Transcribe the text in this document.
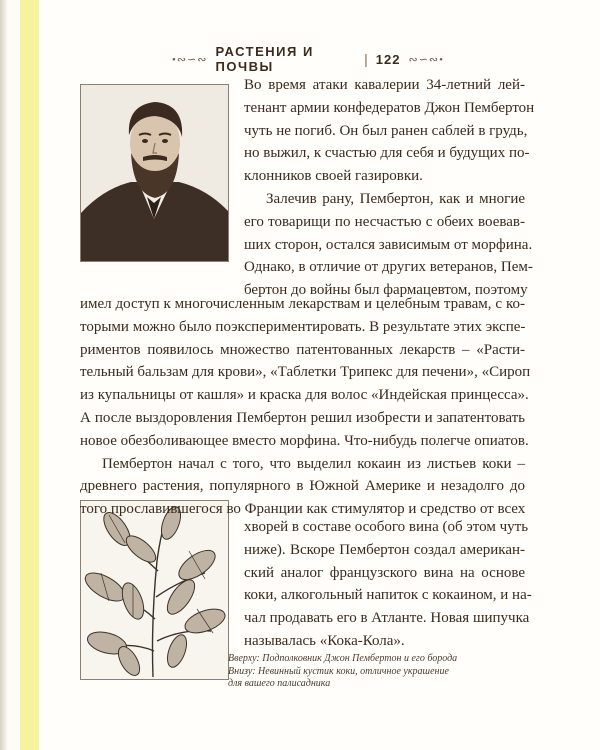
•∾∽∾
РАСТЕНИЯ И ПОЧВЫ	| 122 ∾∽∾•
Во время атаки кавалерии 34-летний лей-
тенант армии конфедератов Джон Пембертон
чуть не погиб. Он был ранен саблей в грудь,
но выжил, к счастью для себя и будущих по-
клонников своей газировки.
Залечив рану, Пембертон, как и многие
его товарищи по несчастью с обеих воевав-
ших сторон, остался зависимым от морфина.
Однако, в отличие от других ветеранов, Пем-
бертон до войны был фармацевтом, поэтому
имел доступ к многочисленным лекарствам и целебным травам, с ко-
торыми можно было поэкспериментировать. В результате этих экспе-
риментов появилось множество патентованных лекарств – «Расти-
тельный бальзам для крови», «Таблетки Трипекс для печени», «Сироп
из купальницы от кашля» и краска для волос «Индейская принцесса».
А после выздоровления Пембертон решил изобрести и запатентовать
новое обезболивающее вместо морфина. Что-нибудь полегче опиатов.
Пембертон начал с того, что выделил кокаин из листьев коки –
древнего растения, популярного в Южной Америке и незадолго до
того прославившегося во Франции как стимулятор и средство от всех
хворей в составе особого вина (об этом чуть
ниже). Вскоре Пембертон создал американ-
ский аналог французского вина на основе
коки, алкогольный напиток с кокаином, и на-
чал продавать его в Атланте. Новая шипучка
называлась «Кока-Кола».
Вверху: Подполковник Джон Пембертон и его борода
Внизу: Невинный кустик коки, отличное украшение
для вашего палисадника
